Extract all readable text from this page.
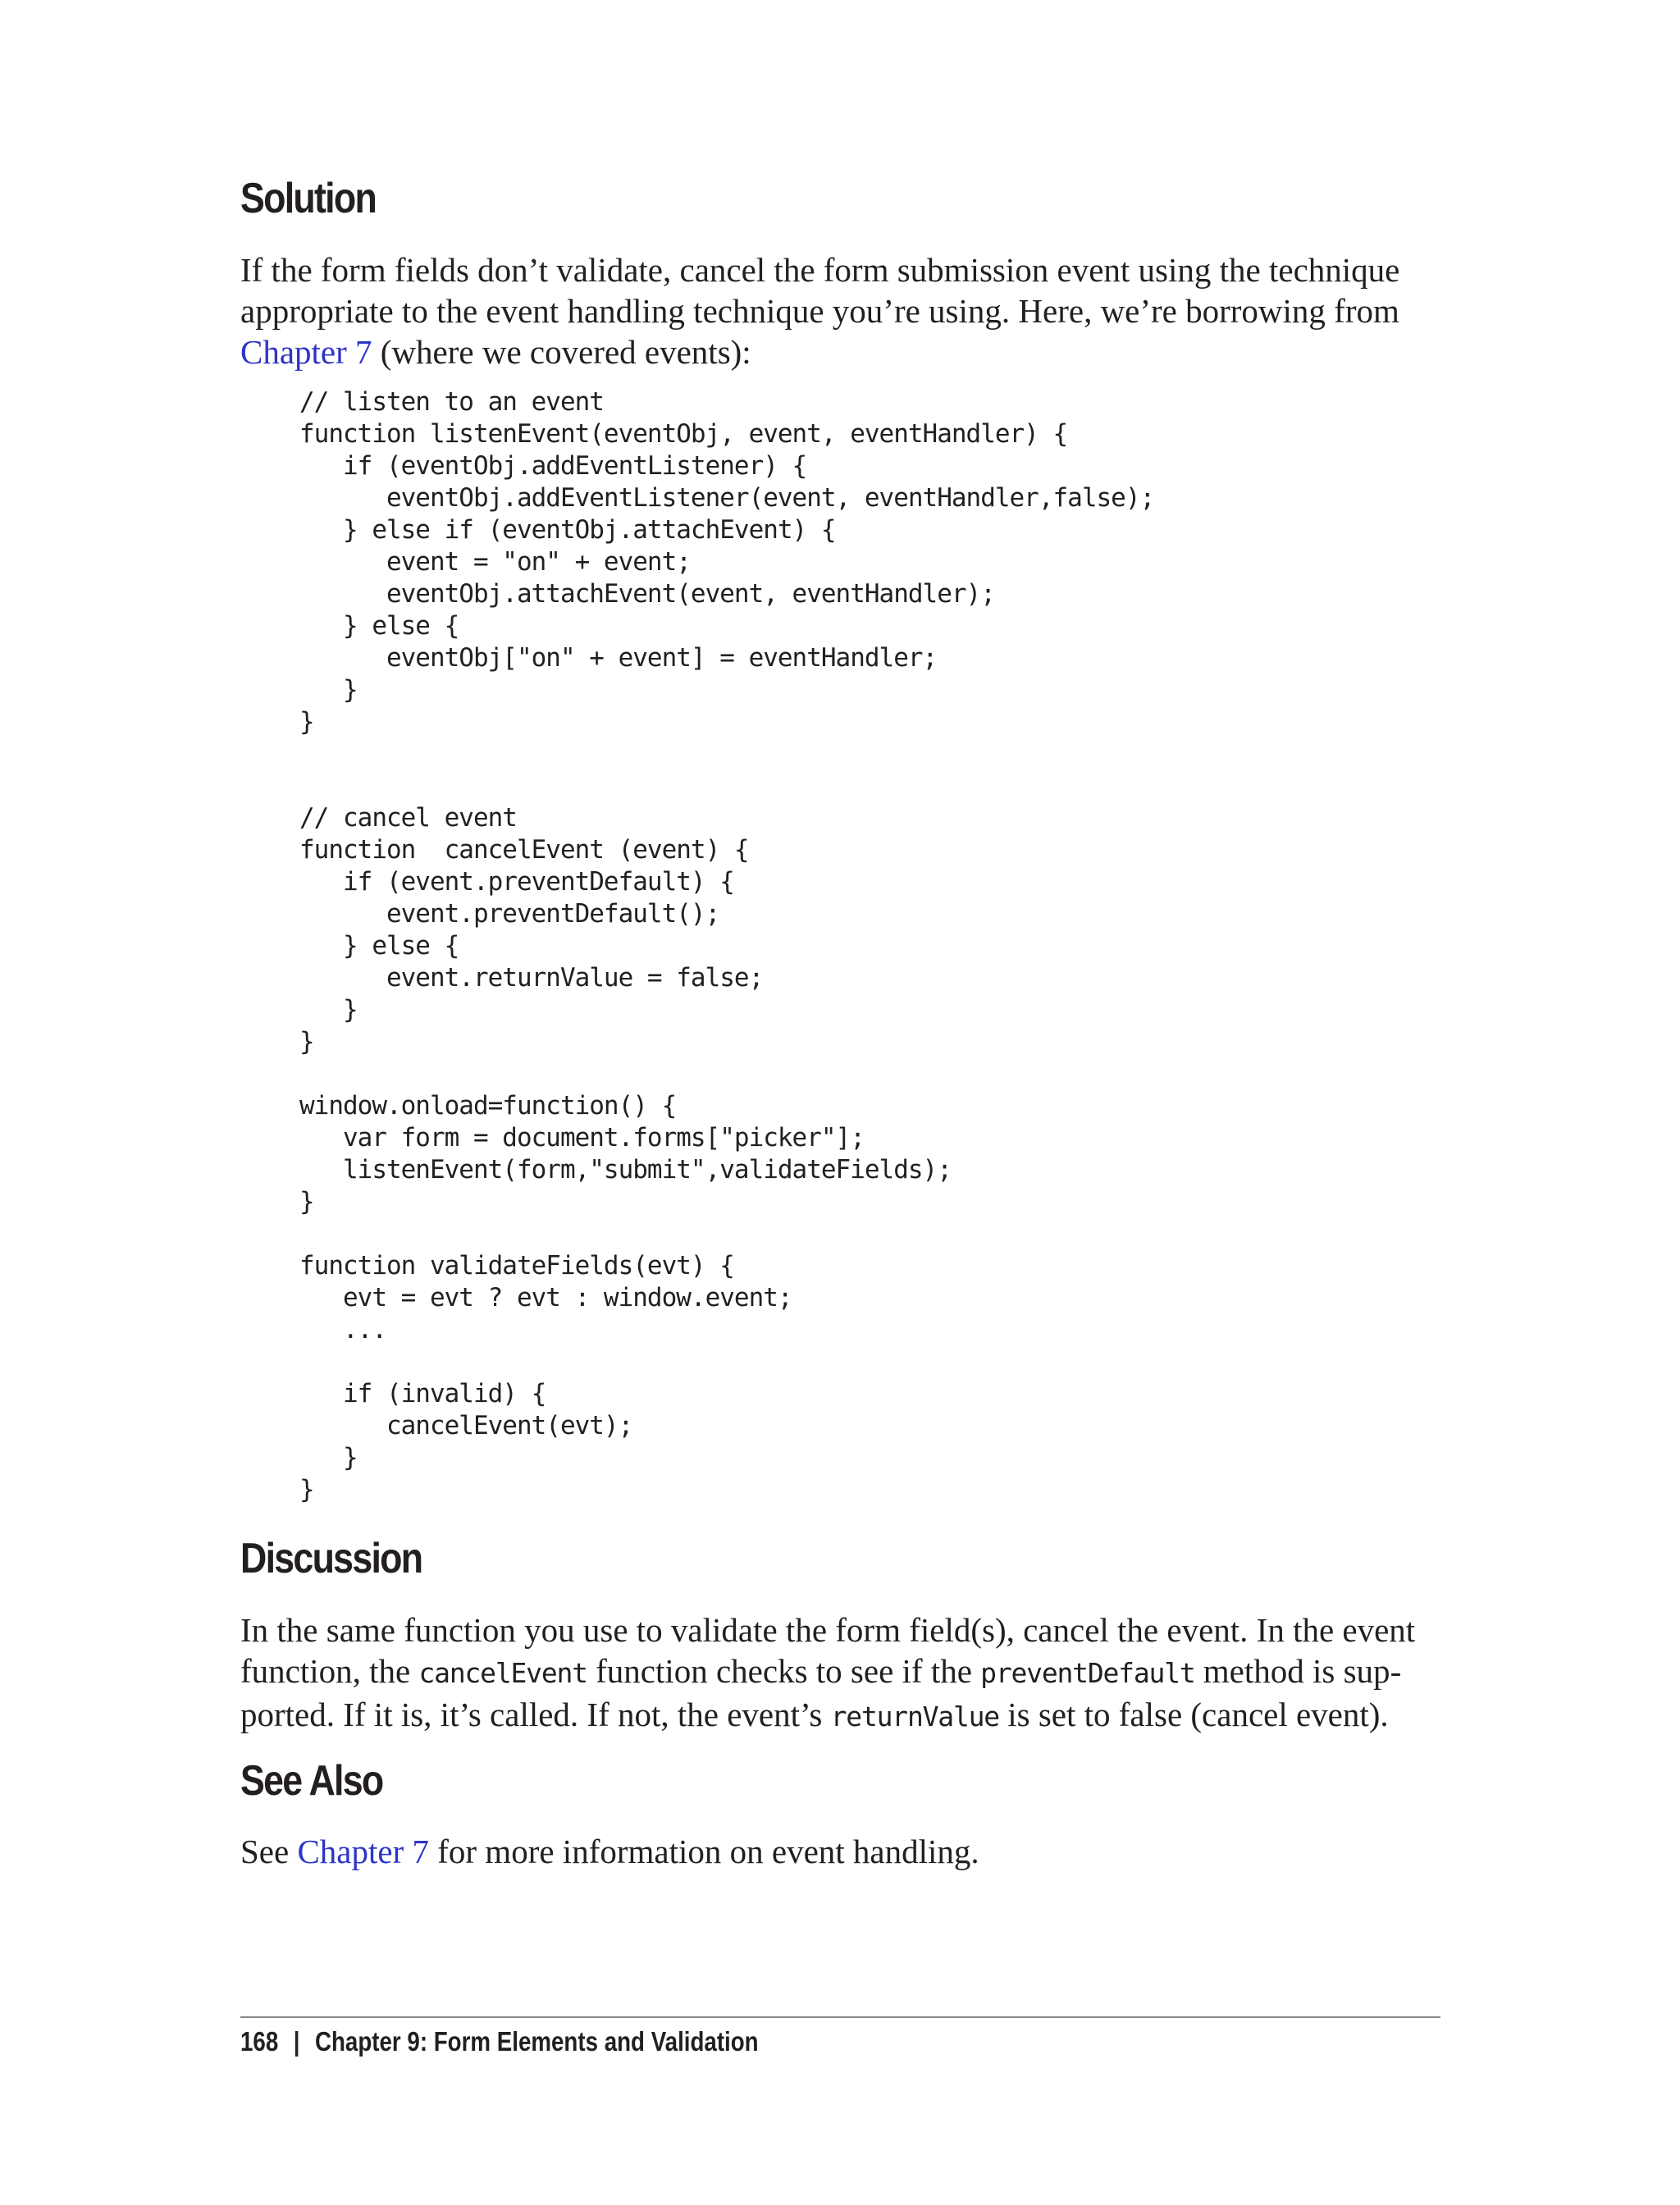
Solution

If the form fields don’t validate, cancel the form submission event using the technique appropriate to the event handling technique you’re using. Here, we’re borrowing from Chapter 7 (where we covered events):

// listen to an event
function listenEvent(eventObj, event, eventHandler) {
if (eventObj.addEventListener) {
eventObj.addEventListener(event, eventHandler,false);
} else if (eventObj.attachEvent) {
event = "on" + event;
eventObj.attachEvent(event, eventHandler);
} else {
eventObj["on" + event] = eventHandler;
}
}
// cancel event
function  cancelEvent (event) {
if (event.preventDefault) {
event.preventDefault();
} else {
event.returnValue = false;
}
}

window.onload=function() {
var form = document.forms["picker"];
listenEvent(form,"submit",validateFields);
}

function validateFields(evt) {
evt = evt ? evt : window.event;
...

if (invalid) {
cancelEvent(evt);
}
}
Discussion

In the same function you use to validate the form field(s), cancel the event. In the event function, the cancelEvent function checks to see if the preventDefault method is supported. If it is, it’s called. If not, the event’s returnValue is set to false (cancel event).

See Also

See Chapter 7 for more information on event handling.

168 | Chapter 9: Form Elements and Validation
